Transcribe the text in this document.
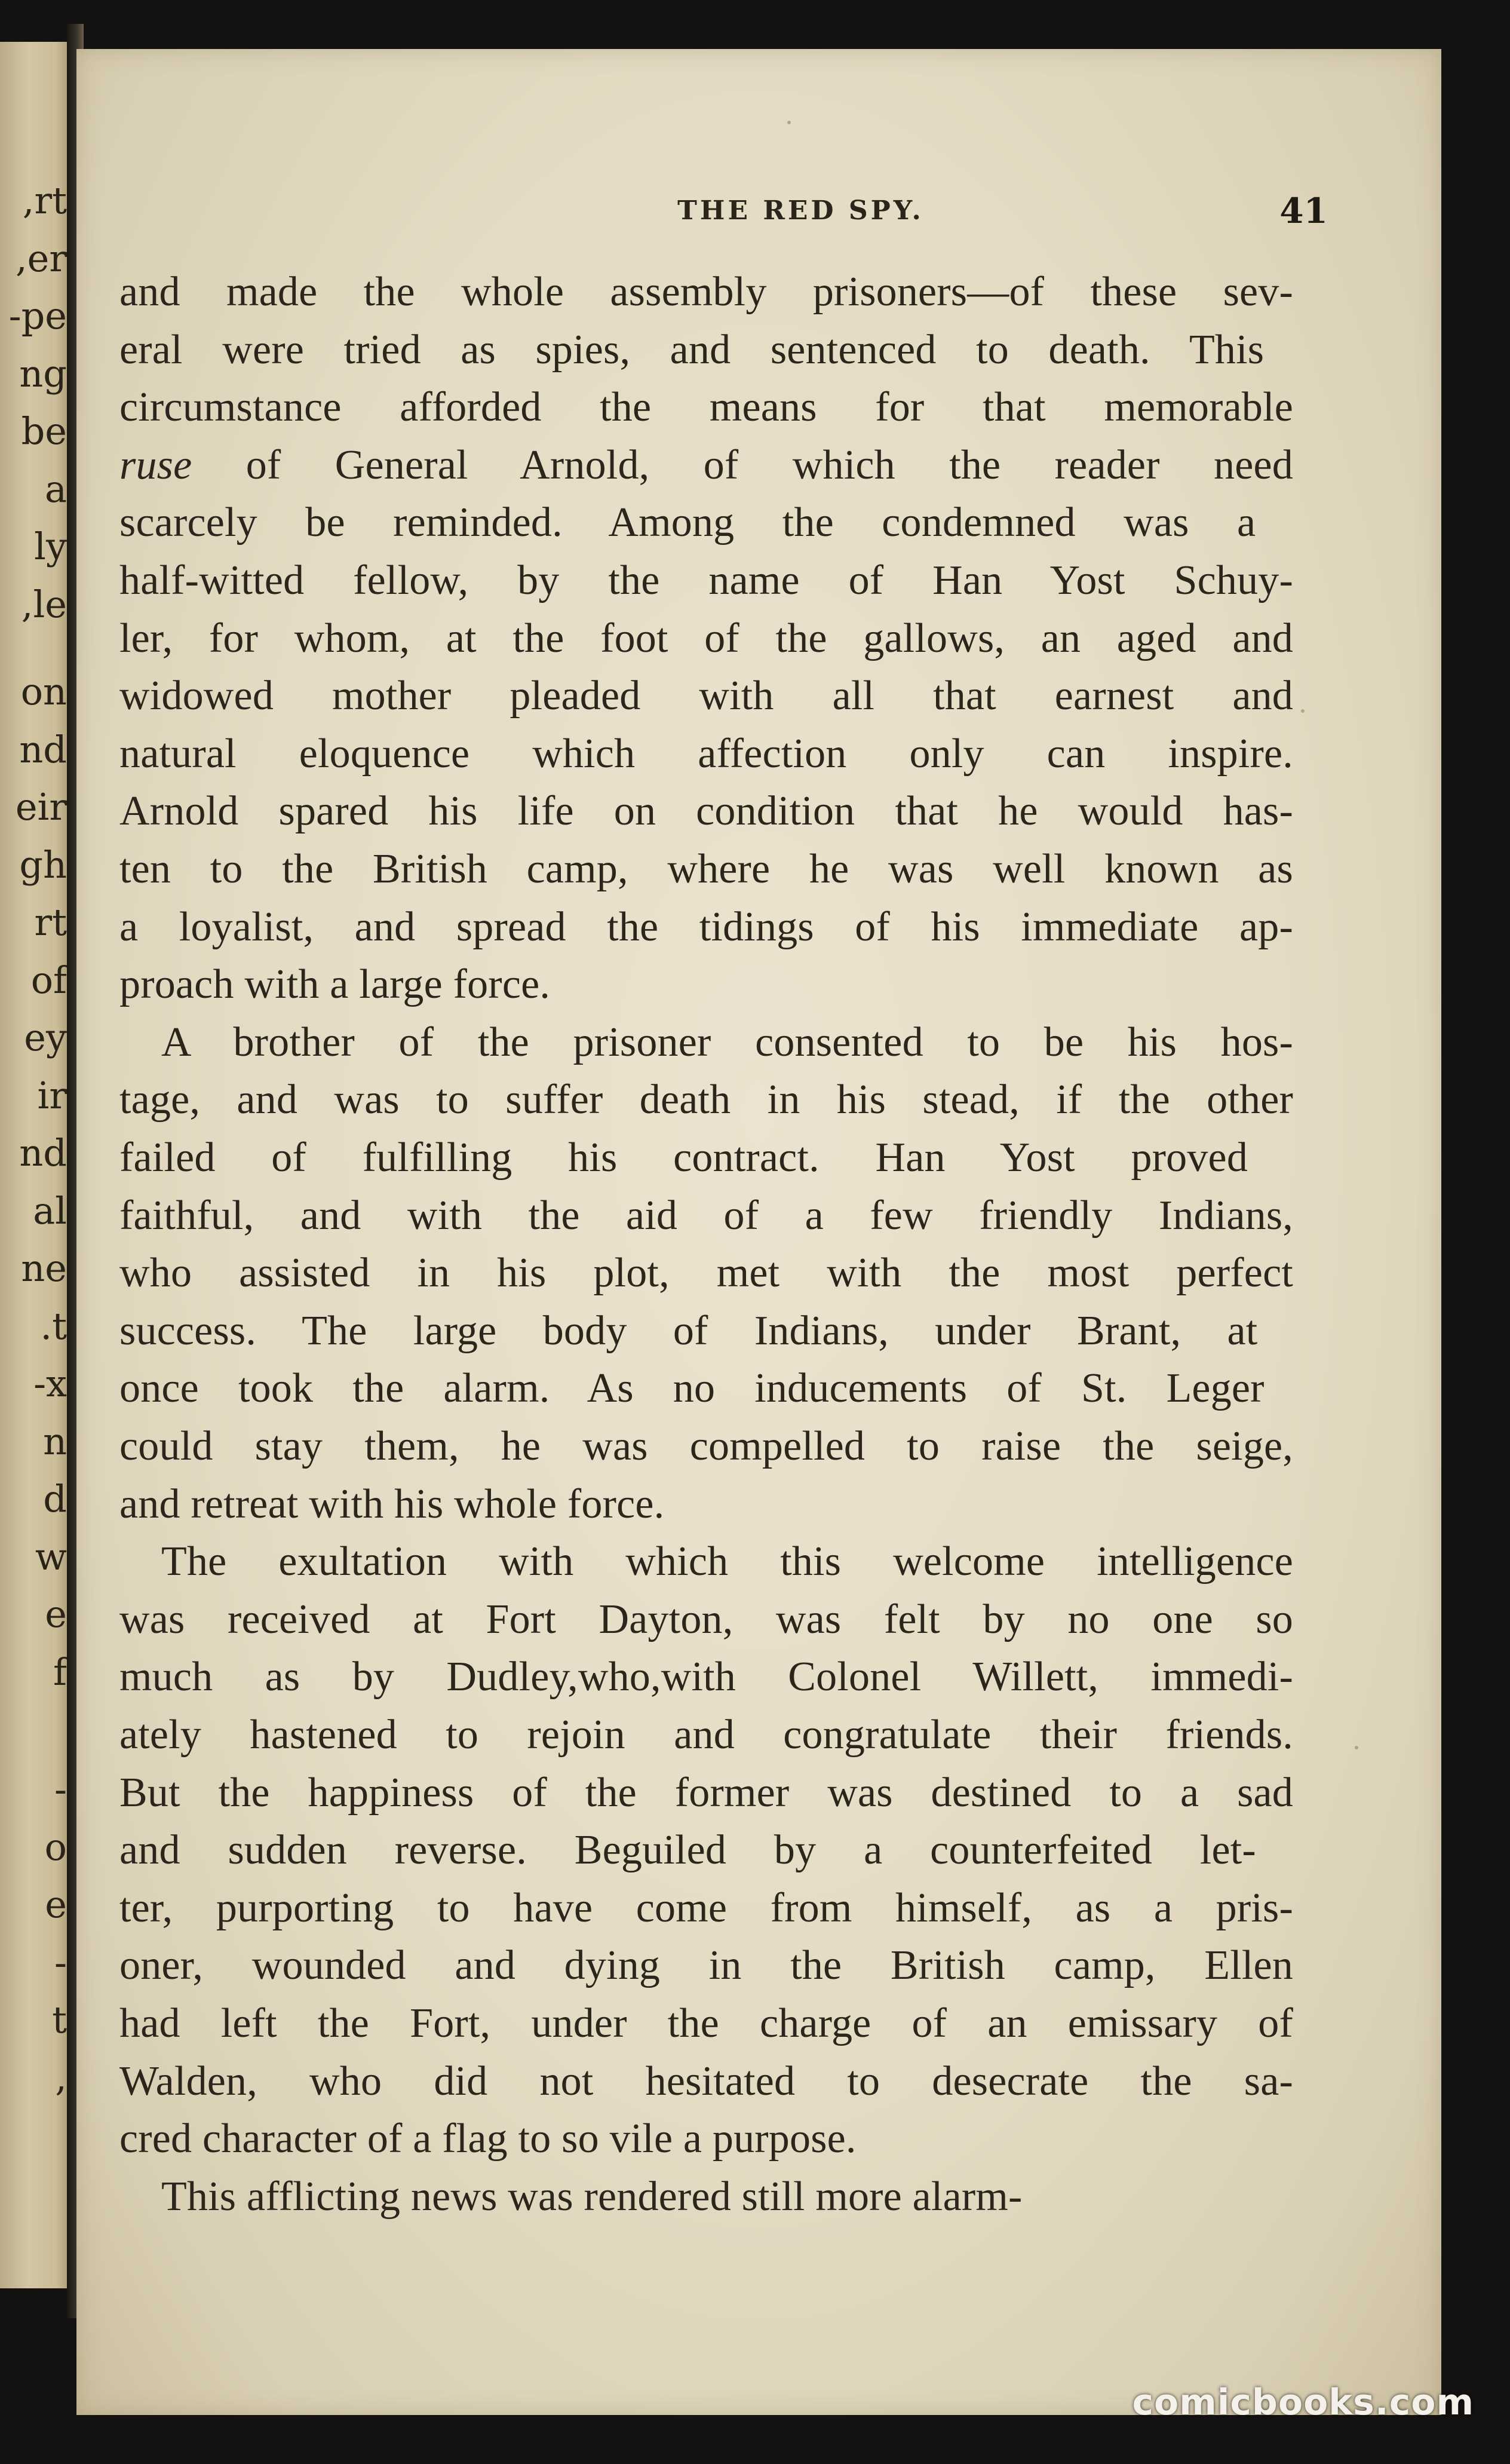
rt,
er,
pe-
ng
be
a
ly
le,
on
nd
eir
gh
rt
of
ey
ir
nd
al
ne
t.
x-
n
d
w
e
f
-
o
e
-
t
,
THE RED SPY.	41
and made the whole assembly prisoners—of these sev-
eral were tried as spies, and sentenced to death. This
circumstance afforded the means for that memorable
ruse of General Arnold, of which the reader need
scarcely be reminded. Among the condemned was a
half-witted fellow, by the name of Han Yost Schuy-
ler, for whom, at the foot of the gallows, an aged and
widowed mother pleaded with all that earnest and
natural eloquence which affection only can inspire.
Arnold spared his life on condition that he would has-
ten to the British camp, where he was well known as
a loyalist, and spread the tidings of his immediate ap-
proach with a large force.
A brother of the prisoner consented to be his hos-
tage, and was to suffer death in his stead, if the other
failed of fulfilling his contract. Han Yost proved
faithful, and with the aid of a few friendly Indians,
who assisted in his plot, met with the most perfect
success. The large body of Indians, under Brant, at
once took the alarm. As no inducements of St. Leger
could stay them, he was compelled to raise the seige,
and retreat with his whole force.
The exultation with which this welcome intelligence
was received at Fort Dayton, was felt by no one so
much as by Dudley,who,with Colonel Willett, immedi-
ately hastened to rejoin and congratulate their friends.
But the happiness of the former was destined to a sad
and sudden reverse. Beguiled by a counterfeited let-
ter, purporting to have come from himself, as a pris-
oner, wounded and dying in the British camp, Ellen
had left the Fort, under the charge of an emissary of
Walden, who did not hesitated to desecrate the sa-
cred character of a flag to so vile a purpose.
This afflicting news was rendered still more alarm-
comicbooks.com
